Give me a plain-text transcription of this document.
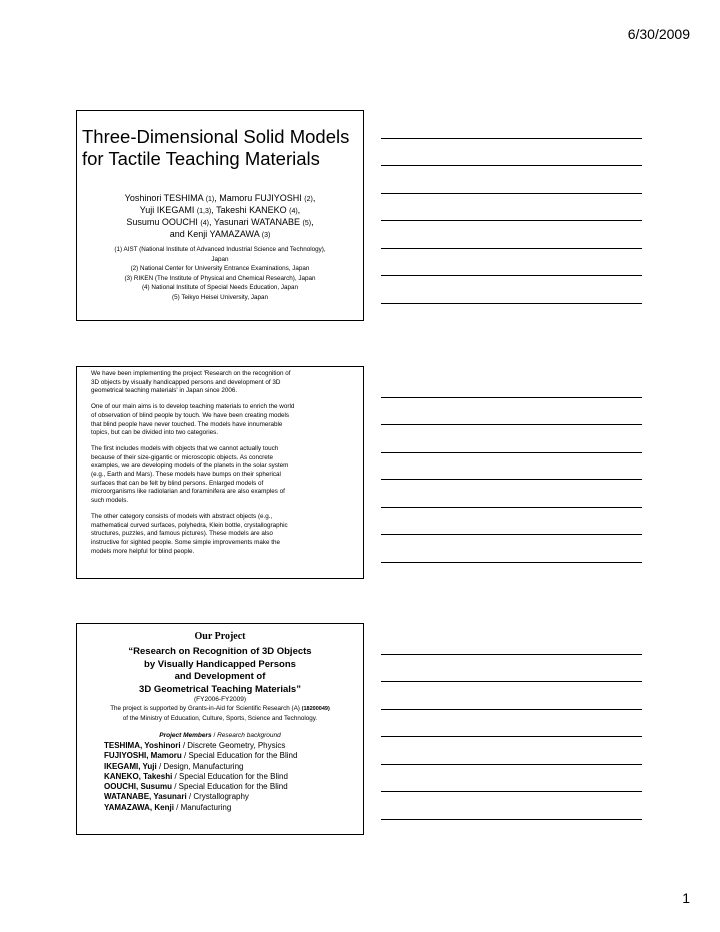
6/30/2009
Three-Dimensional Solid Models
for Tactile Teaching Materials
Yoshinori TESHIMA (1), Mamoru FUJIYOSHI (2),
Yuji IKEGAMI (1,3), Takeshi KANEKO (4),
Susumu OOUCHI (4), Yasunari WATANABE (5),
and Kenji YAMAZAWA (3)
(1) AIST (National Institute of Advanced Industrial Science and Technology),
Japan
(2) National Center for University Entrance Examinations, Japan
(3) RIKEN (The Institute of Physical and Chemical Research), Japan
(4) National Institute of Special Needs Education, Japan
(5) Teikyo Heisei University, Japan

We have been implementing the project 'Research on the recognition of
3D objects by visually handicapped persons and development of 3D
geometrical teaching materials' in Japan since 2006.

One of our main aims is to develop teaching materials to enrich the world
of observation of blind people by touch. We have been creating models
that blind people have never touched. The models have innumerable
topics, but can be divided into two categories.

The first includes models with objects that we cannot actually touch
because of their size-gigantic or microscopic objects. As concrete
examples, we are developing models of the planets in the solar system
(e.g., Earth and Mars). These models have bumps on their spherical
surfaces that can be felt by blind persons. Enlarged models of
microorganisms like radiolarian and foraminifera are also examples of
such models.

The other category consists of models with abstract objects (e.g.,
mathematical curved surfaces, polyhedra, Klein bottle, crystallographic
structures, puzzles, and famous pictures). These models are also
instructive for sighted people. Some simple improvements make the
models more helpful for blind people.

Our Project
“Research on Recognition of 3D Objects
by Visually Handicapped Persons
and Development of
3D Geometrical Teaching Materials”
(FY2006-FY2009)
The project is supported by Grants-in-Aid for Scientific Research (A) (18200049)
of the Ministry of Education, Culture, Sports, Science and Technology.
Project Members / Research background
TESHIMA, Yoshinori / Discrete Geometry, Physics
FUJIYOSHI, Mamoru / Special Education for the Blind
IKEGAMI, Yuji / Design, Manufacturing
KANEKO, Takeshi / Special Education for the Blind
OOUCHI, Susumu / Special Education for the Blind
WATANABE, Yasunari / Crystallography
YAMAZAWA, Kenji / Manufacturing
1
